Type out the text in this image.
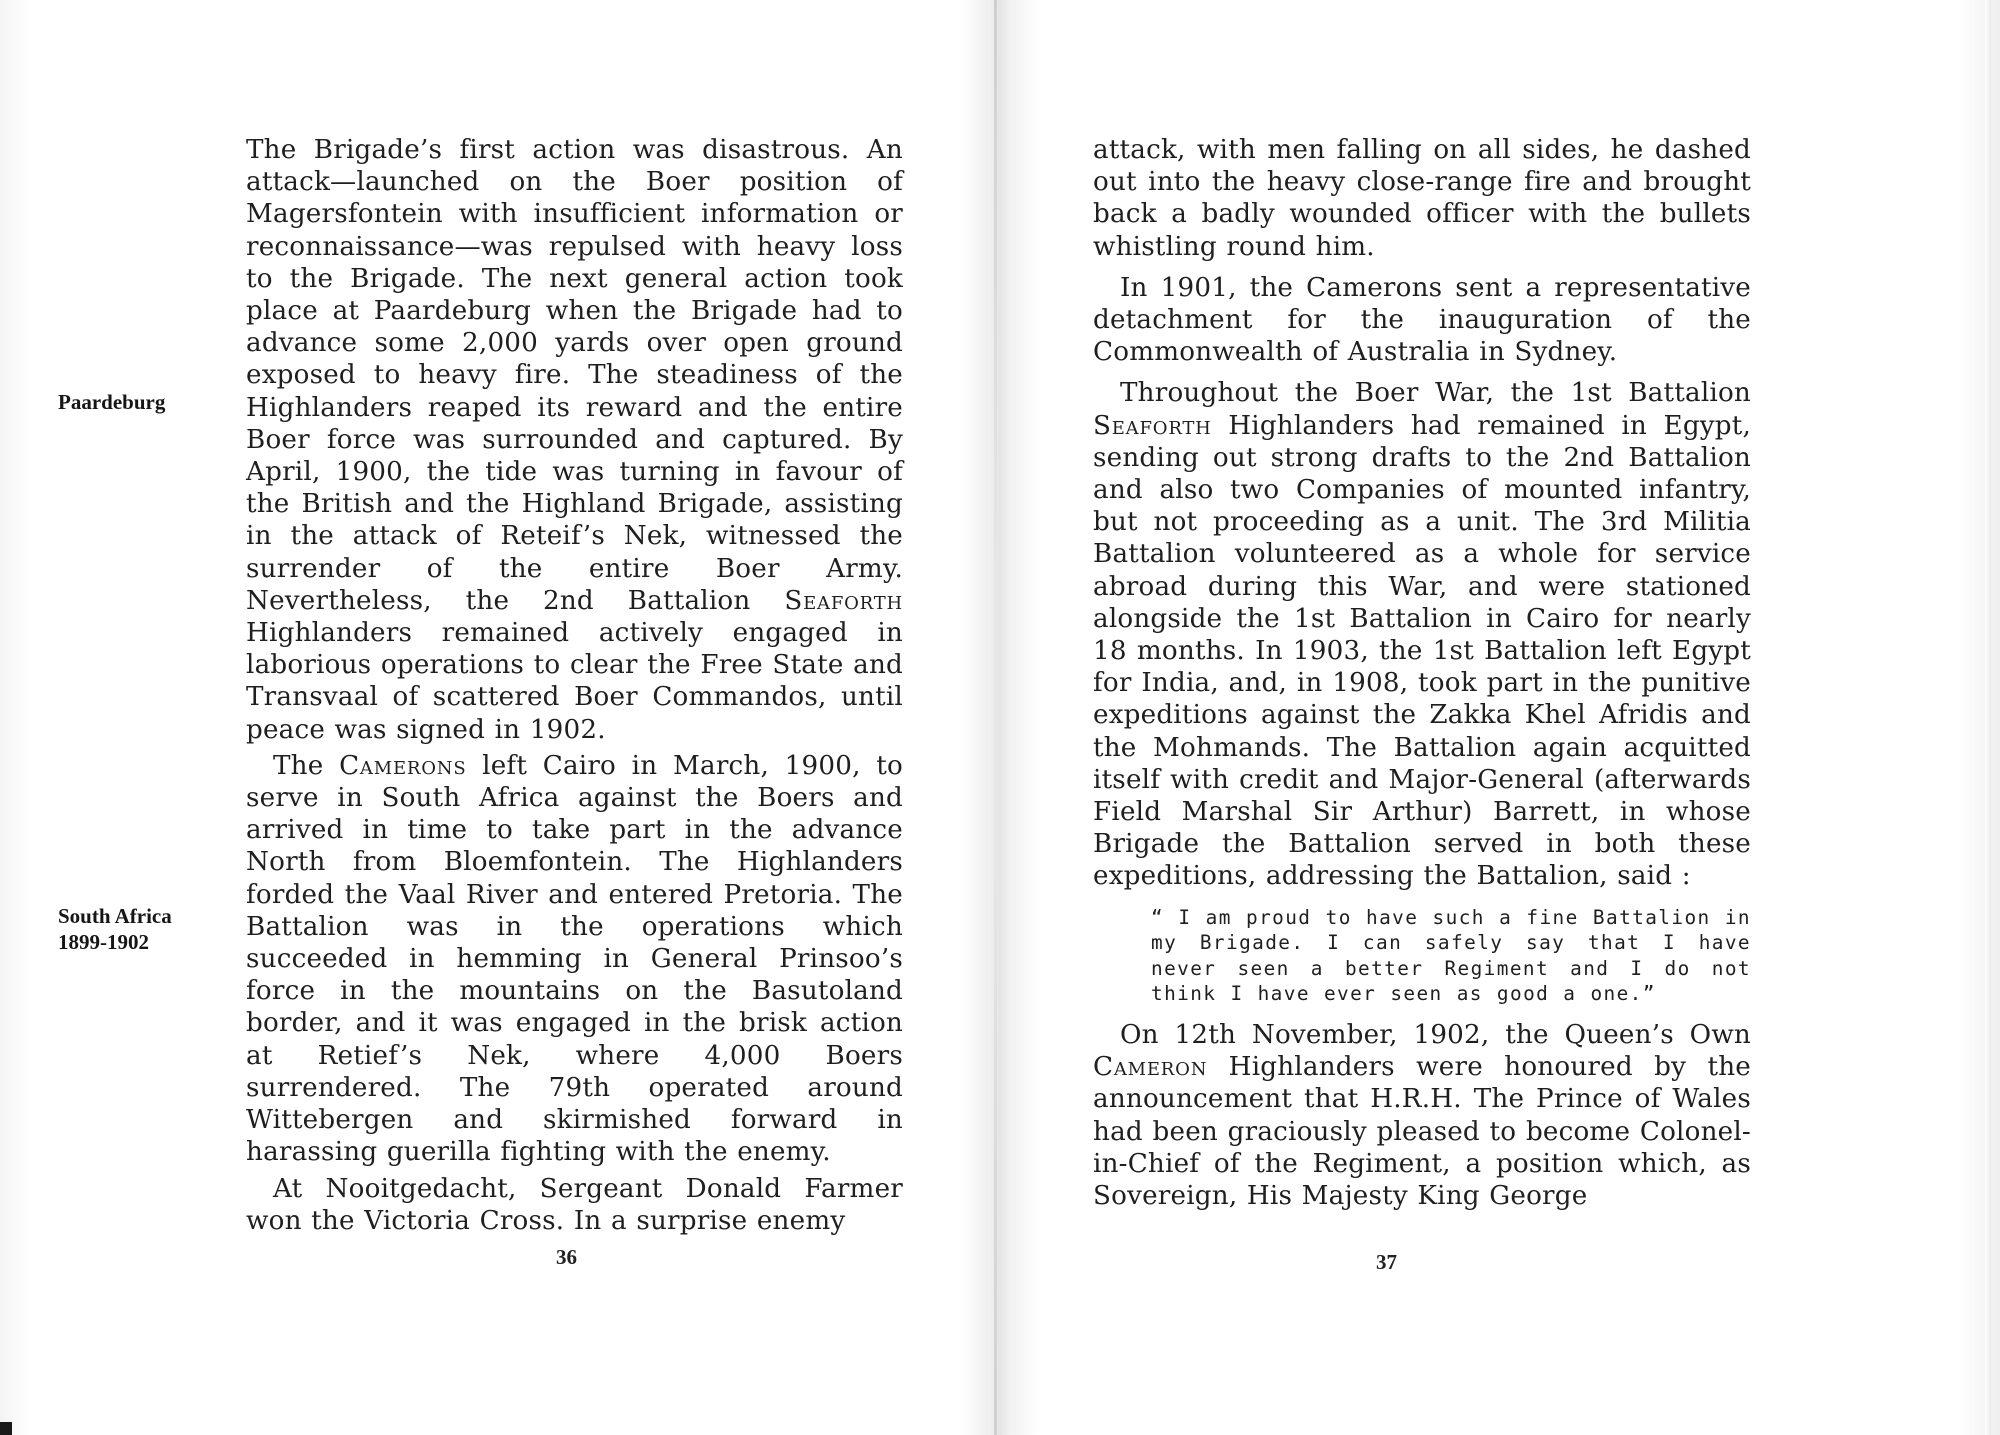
Paardeburg
South Africa
1899-1902

The Brigade’s first action was disastrous. An attack—launched on the Boer position of Magersfontein with insufficient information or reconnaissance—was repulsed with heavy loss to the Brigade. The next general action took place at Paardeburg when the Brigade had to advance some 2,000 yards over open ground exposed to heavy fire. The steadiness of the Highlanders reaped its reward and the entire Boer force was surrounded and captured. By April, 1900, the tide was turning in favour of the British and the Highland Brigade, assisting in the attack of Reteif’s Nek, witnessed the surrender of the entire Boer Army. Nevertheless, the 2nd Battalion Seaforth Highlanders remained actively engaged in laborious operations to clear the Free State and Transvaal of scattered Boer Commandos, until peace was signed in 1902.

The Camerons left Cairo in March, 1900, to serve in South Africa against the Boers and arrived in time to take part in the advance North from Bloemfontein. The Highlanders forded the Vaal River and entered Pretoria. The Battalion was in the operations which succeeded in hemming in General Prinsoo’s force in the mountains on the Basutoland border, and it was engaged in the brisk action at Retief’s Nek, where 4,000 Boers surrendered. The 79th operated around Wittebergen and skirmished forward in harassing guerilla fighting with the enemy.

At Nooitgedacht, Sergeant Donald Farmer won the Victoria Cross. In a surprise enemy

36

attack, with men falling on all sides, he dashed out into the heavy close-range fire and brought back a badly wounded officer with the bullets whistling round him.

In 1901, the Camerons sent a representative detachment for the inauguration of the Commonwealth of Australia in Sydney.

Throughout the Boer War, the 1st Battalion Seaforth Highlanders had remained in Egypt, sending out strong drafts to the 2nd Battalion and also two Companies of mounted infantry, but not proceeding as a unit. The 3rd Militia Battalion volunteered as a whole for service abroad during this War, and were stationed alongside the 1st Battalion in Cairo for nearly 18 months. In 1903, the 1st Battalion left Egypt for India, and, in 1908, took part in the punitive expeditions against the Zakka Khel Afridis and the Mohmands. The Battalion again acquitted itself with credit and Major-General (afterwards Field Marshal Sir Arthur) Barrett, in whose Brigade the Battalion served in both these expeditions, addressing the Battalion, said :

“ I am proud to have such a fine Battalion in my Brigade. I can safely say that I have never seen a better Regiment and I do not think I have ever seen as good a one.”

On 12th November, 1902, the Queen’s Own Cameron Highlanders were honoured by the announcement that H.R.H. The Prince of Wales had been graciously pleased to become Colonel-in-Chief of the Regiment, a position which, as Sovereign, His Majesty King George

37
